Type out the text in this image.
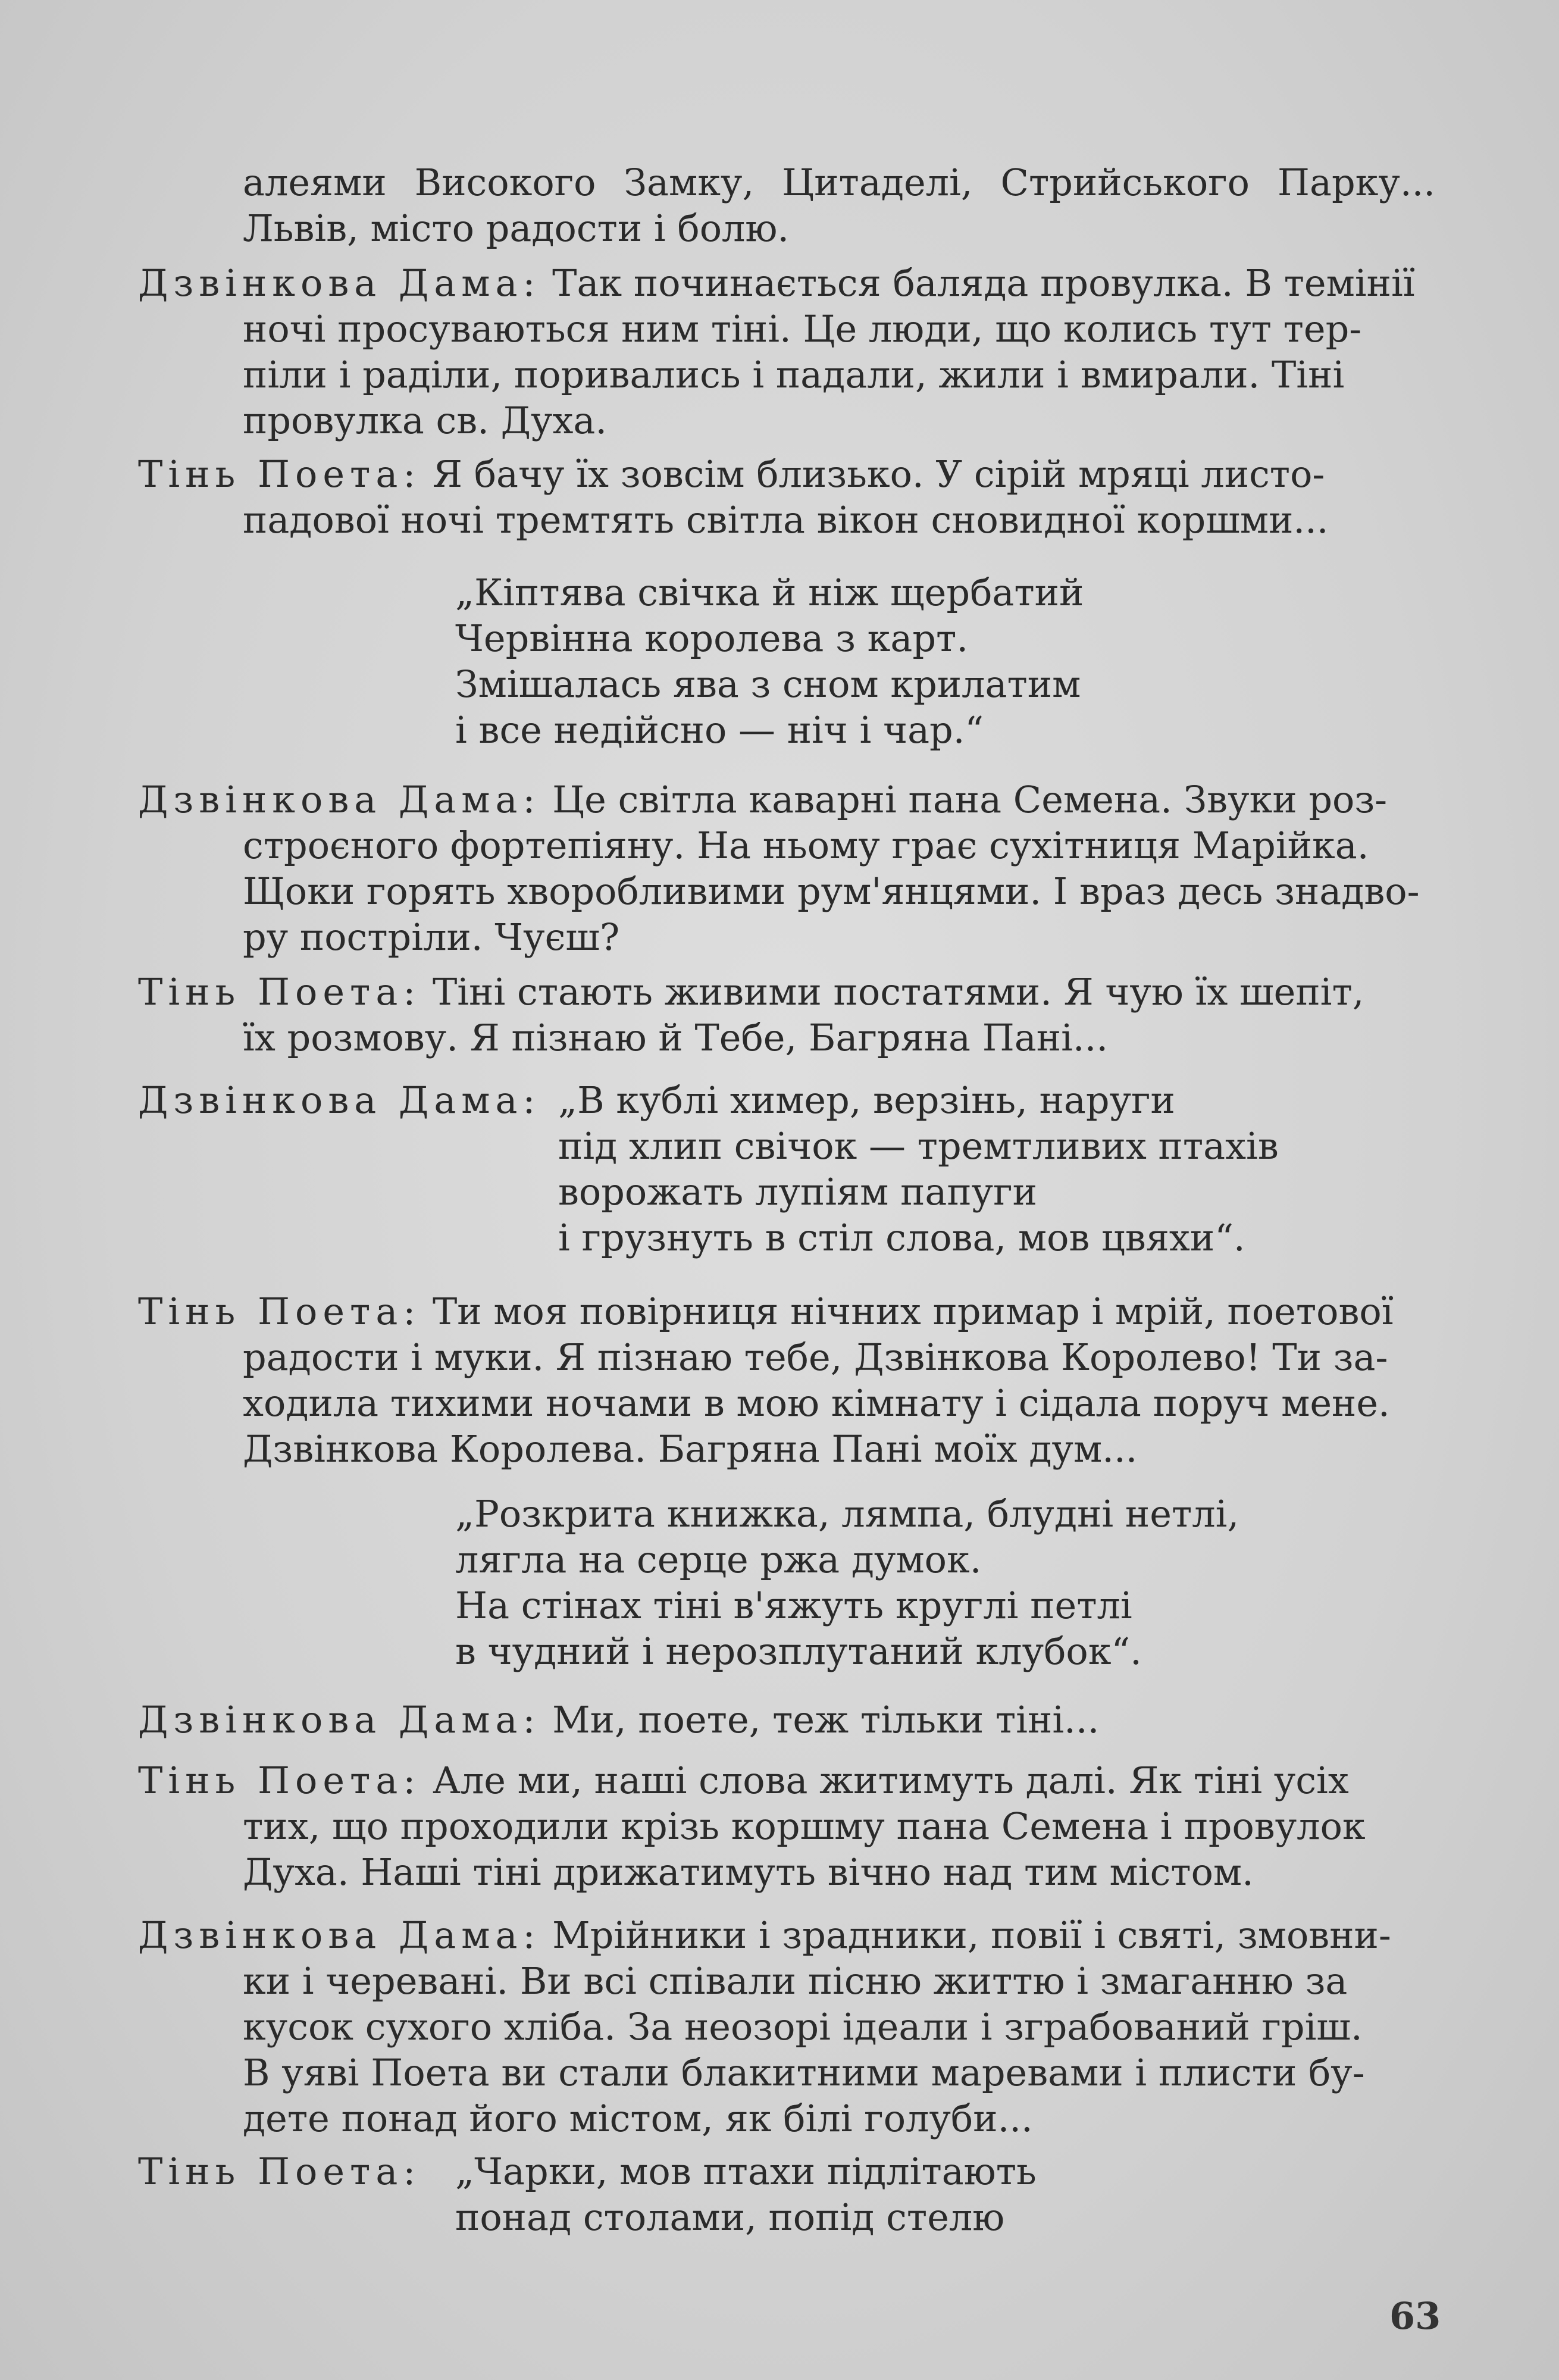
алеями Високого Замку, Цитаделі, Стрийського Парку...
Львів, місто радости і болю.
Дзвінкова Дама: Так починається баляда провулка. В темінії
ночі просуваються ним тіні. Це люди, що колись тут тер-
піли і раділи, поривались і падали, жили і вмирали. Тіні
провулка св. Духа.
Тінь Поета: Я бачу їх зовсім близько. У сірій мряці листо-
падової ночі тремтять світла вікон сновидної коршми...
„Кіптява свічка й ніж щербатий
Червінна королева з карт.
Змішалась ява з сном крилатим
і все недійсно — ніч і чар.“
Дзвінкова Дама: Це світла каварні пана Семена. Звуки роз-
строєного фортепіяну. На ньому грає сухітниця Марійка.
Щоки горять хворобливими рум'янцями. І враз десь знадво-
ру постріли. Чуєш?
Тінь Поета: Тіні стають живими постатями. Я чую їх шепіт,
їх розмову. Я пізнаю й Тебе, Багряна Пані...
Дзвінкова Дама: „В кублі химер, верзінь, наруги
під хлип свічок — тремтливих птахів
ворожать лупіям папуги
і грузнуть в стіл слова, мов цвяхи“.
Тінь Поета: Ти моя повірниця нічних примар і мрій, поетової
радости і муки. Я пізнаю тебе, Дзвінкова Королево! Ти за-
ходила тихими ночами в мою кімнату і сідала поруч мене.
Дзвінкова Королева. Багряна Пані моїх дум...
„Розкрита книжка, лямпа, блудні нетлі,
лягла на серце ржа думок.
На стінах тіні в'яжуть круглі петлі
в чудний і нерозплутаний клубок“.
Дзвінкова Дама: Ми, поете, теж тільки тіні...
Тінь Поета: Але ми, наші слова житимуть далі. Як тіні усіх
тих, що проходили крізь коршму пана Семена і провулок
Духа. Наші тіні дрижатимуть вічно над тим містом.
Дзвінкова Дама: Мрійники і зрадники, повії і святі, змовни-
ки і черевані. Ви всі співали пісню життю і змаганню за
кусок сухого хліба. За неозорі ідеали і зграбований гріш.
В уяві Поета ви стали блакитними маревами і плисти бу-
дете понад його містом, як білі голуби...
Тінь Поета: „Чарки, мов птахи підлітають
понад столами, попід стелю
63
